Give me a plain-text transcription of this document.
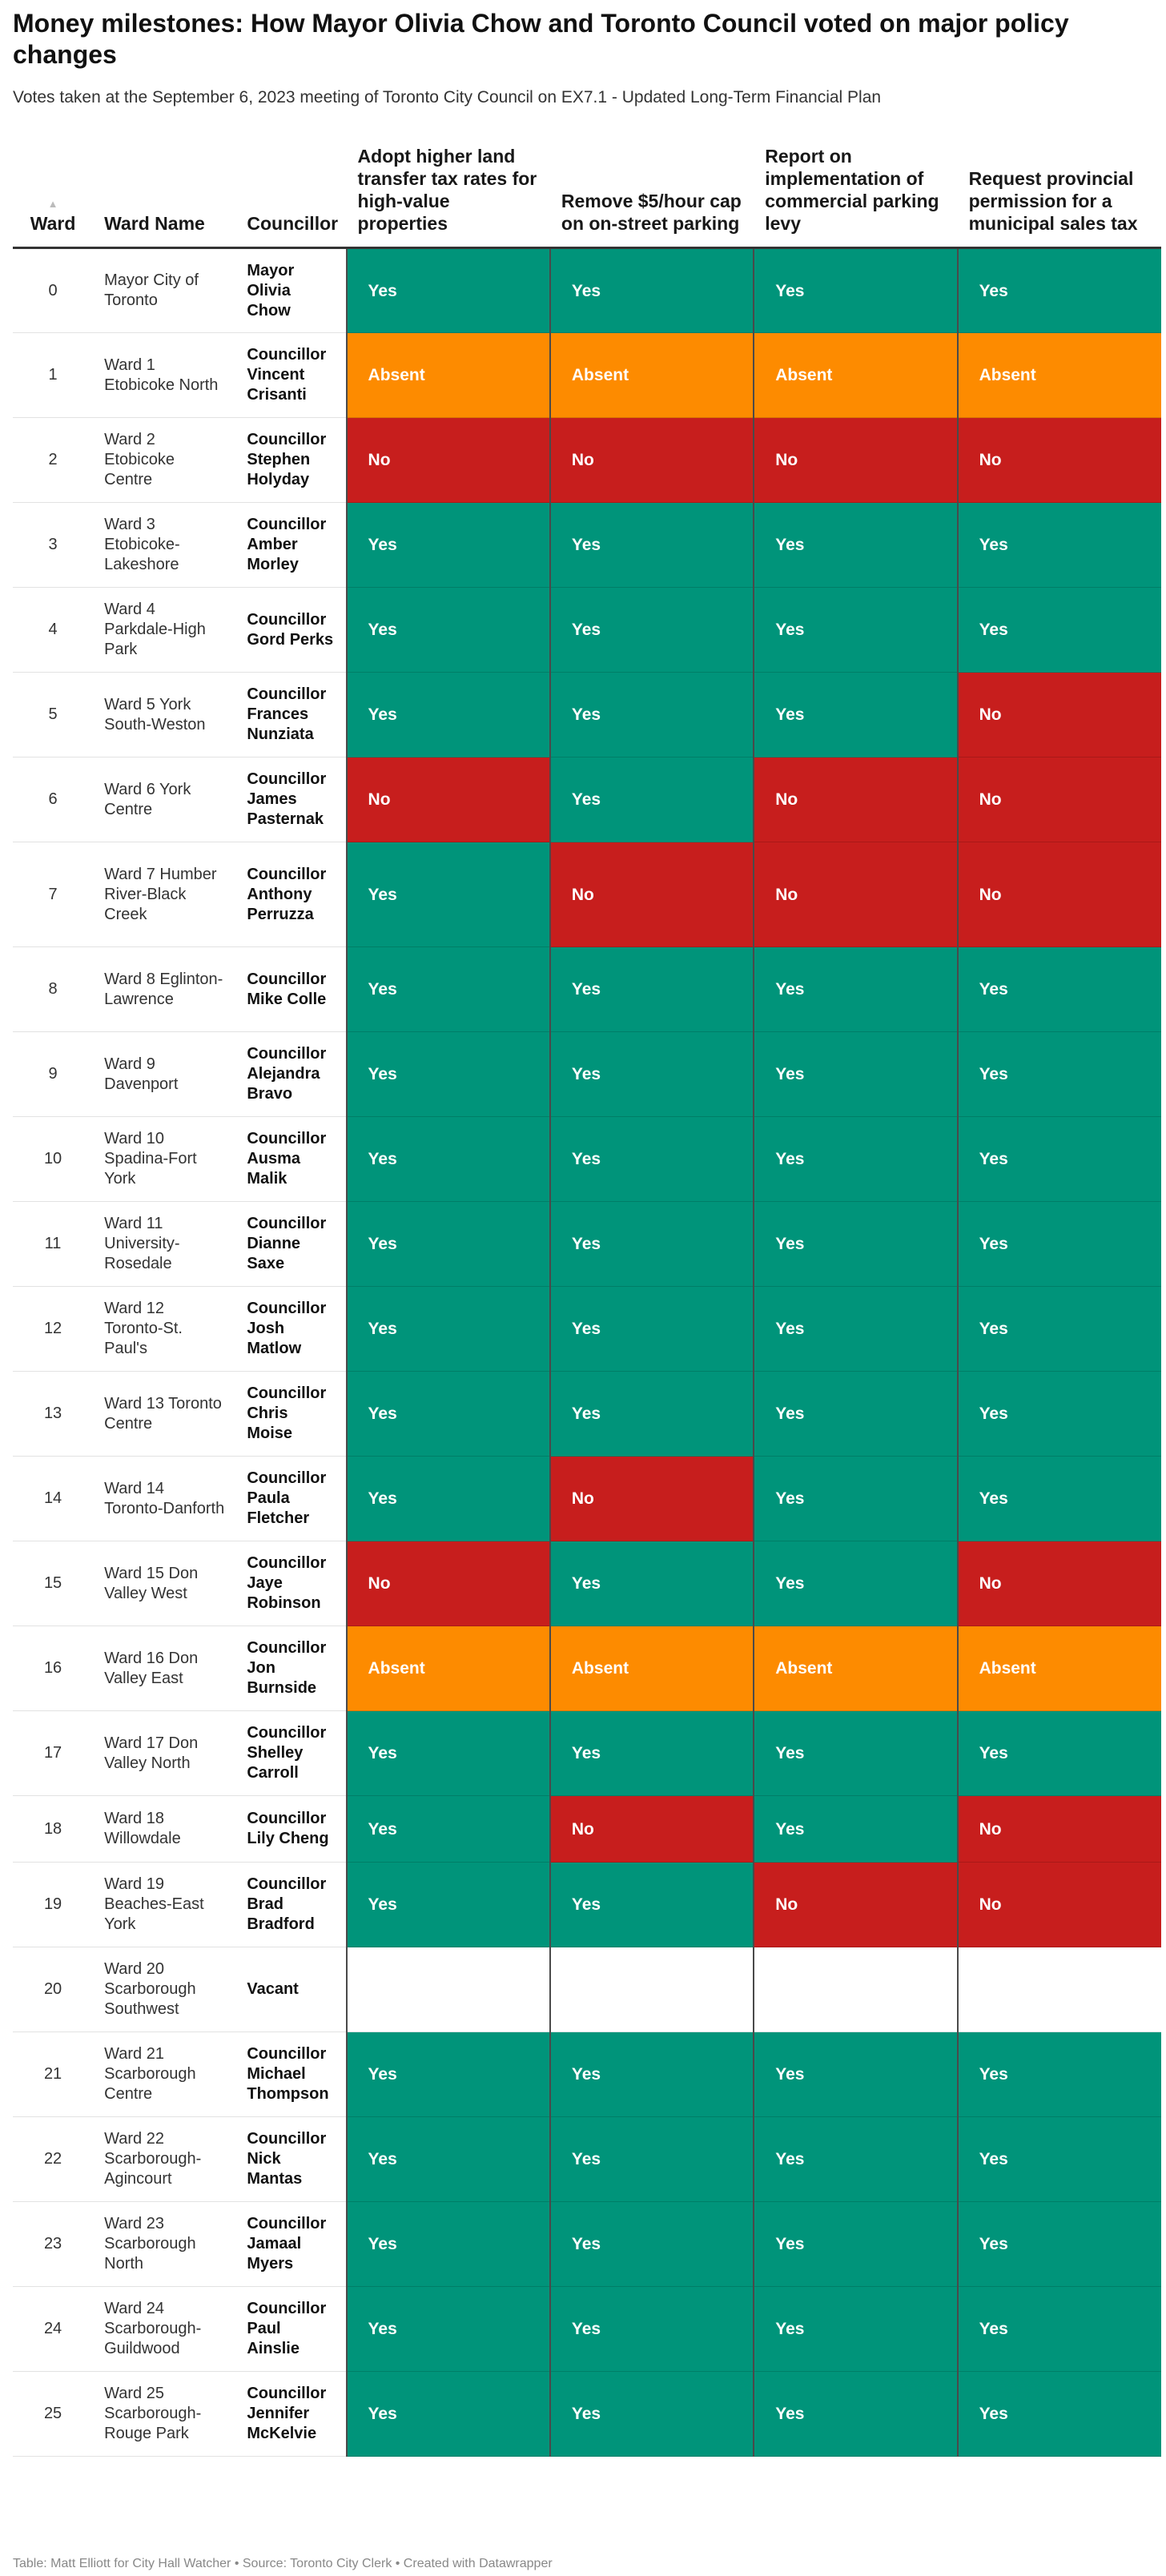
Money milestones: How Mayor Olivia Chow and Toronto Council voted on major policy changes
Votes taken at the September 6, 2023 meeting of Toronto City Council on EX7.1 - Updated Long-Term Financial Plan
▲
Ward	Ward Name	Councillor	Adopt higher land transfer tax rates for high-value properties	Remove $5/hour cap on on-street parking	Report on implementation of commercial parking levy	Request provincial permission for a municipal sales tax
0	Mayor City of Toronto	Mayor Olivia Chow	Yes	Yes	Yes	Yes
1	Ward 1 Etobicoke North	Councillor Vincent Crisanti	Absent	Absent	Absent	Absent
2	Ward 2 Etobicoke Centre	Councillor Stephen Holyday	No	No	No	No
3	Ward 3 Etobicoke-Lakeshore	Councillor Amber Morley	Yes	Yes	Yes	Yes
4	Ward 4 Parkdale-High Park	Councillor Gord Perks	Yes	Yes	Yes	Yes
5	Ward 5 York South-Weston	Councillor Frances Nunziata	Yes	Yes	Yes	No
6	Ward 6 York Centre	Councillor James Pasternak	No	Yes	No	No
7	Ward 7 Humber River-Black Creek	Councillor Anthony Perruzza	Yes	No	No	No
8	Ward 8 Eglinton-Lawrence	Councillor Mike Colle	Yes	Yes	Yes	Yes
9	Ward 9 Davenport	Councillor Alejandra Bravo	Yes	Yes	Yes	Yes
10	Ward 10 Spadina-Fort York	Councillor Ausma Malik	Yes	Yes	Yes	Yes
11	Ward 11 University-Rosedale	Councillor Dianne Saxe	Yes	Yes	Yes	Yes
12	Ward 12 Toronto-St. Paul's	Councillor Josh Matlow	Yes	Yes	Yes	Yes
13	Ward 13 Toronto Centre	Councillor Chris Moise	Yes	Yes	Yes	Yes
14	Ward 14 Toronto-Danforth	Councillor Paula Fletcher	Yes	No	Yes	Yes
15	Ward 15 Don Valley West	Councillor Jaye Robinson	No	Yes	Yes	No
16	Ward 16 Don Valley East	Councillor Jon Burnside	Absent	Absent	Absent	Absent
17	Ward 17 Don Valley North	Councillor Shelley Carroll	Yes	Yes	Yes	Yes
18	Ward 18 Willowdale	Councillor Lily Cheng	Yes	No	Yes	No
19	Ward 19 Beaches-East York	Councillor Brad Bradford	Yes	Yes	No	No
20	Ward 20 Scarborough Southwest	Vacant				
21	Ward 21 Scarborough Centre	Councillor Michael Thompson	Yes	Yes	Yes	Yes
22	Ward 22 Scarborough-Agincourt	Councillor Nick Mantas	Yes	Yes	Yes	Yes
23	Ward 23 Scarborough North	Councillor Jamaal Myers	Yes	Yes	Yes	Yes
24	Ward 24 Scarborough-Guildwood	Councillor Paul Ainslie	Yes	Yes	Yes	Yes
25	Ward 25 Scarborough-Rouge Park	Councillor Jennifer McKelvie	Yes	Yes	Yes	Yes
Table: Matt Elliott for City Hall Watcher • Source: Toronto City Clerk • Created with Datawrapper
